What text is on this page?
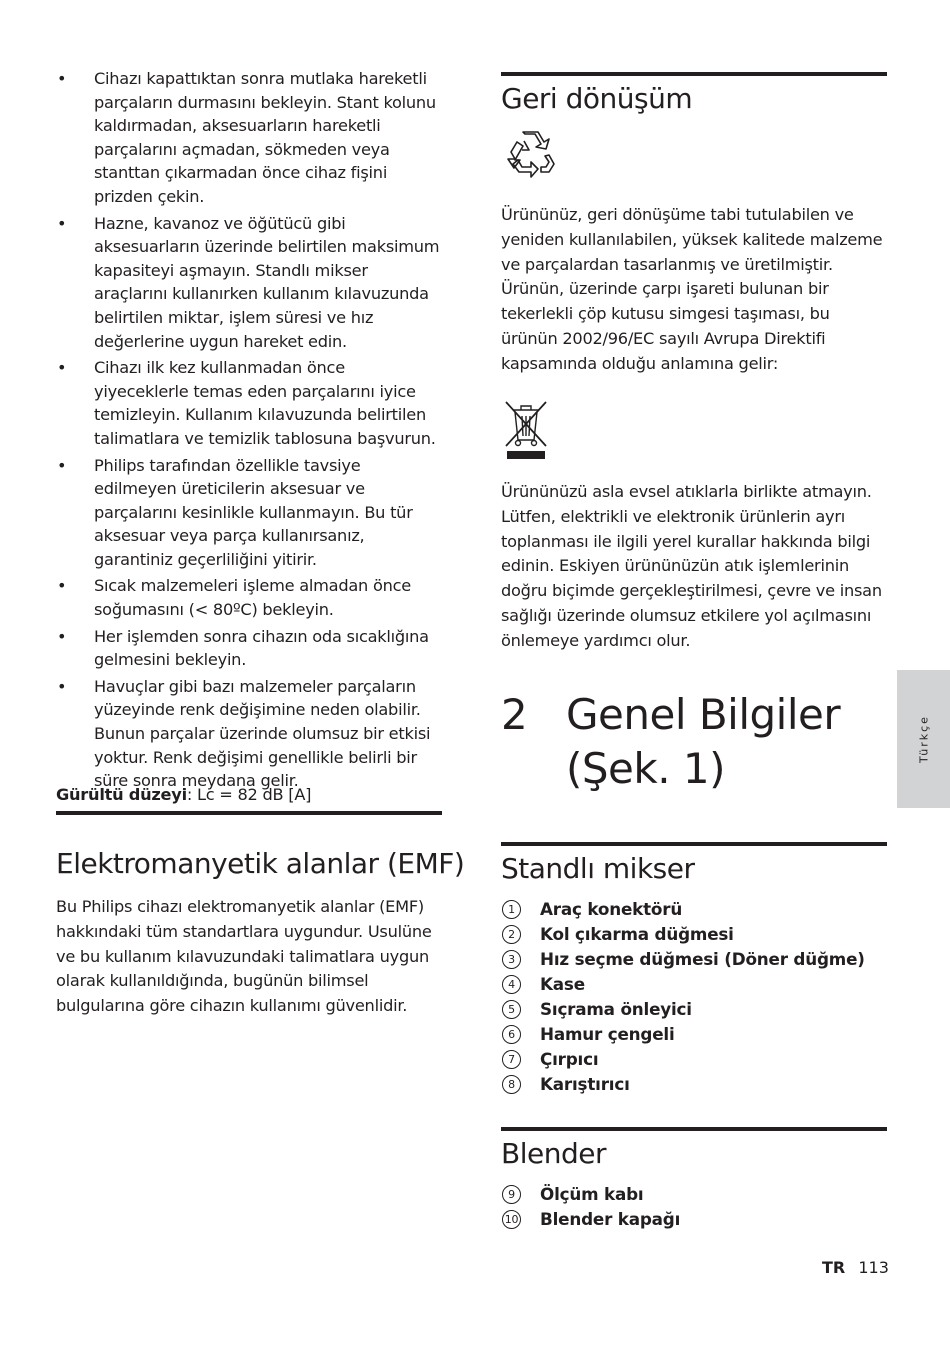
• Cihazı kapattıktan sonra mutlaka hareketli parçaların durmasını bekleyin. Stant kolunu kaldırmadan, aksesuarların hareketli parçalarını açmadan, sökmeden veya stanttan çıkarmadan önce cihaz fişini prizden çekin.
• Hazne, kavanoz ve öğütücü gibi aksesuarların üzerinde belirtilen maksimum kapasiteyi aşmayın. Standlı mikser araçlarını kullanırken kullanım kılavuzunda belirtilen miktar, işlem süresi ve hız değerlerine uygun hareket edin.
• Cihazı ilk kez kullanmadan önce yiyeceklerle temas eden parçalarını iyice temizleyin. Kullanım kılavuzunda belirtilen talimatlara ve temizlik tablosuna başvurun.
• Philips tarafından özellikle tavsiye edilmeyen üreticilerin aksesuar ve parçalarını kesinlikle kullanmayın. Bu tür aksesuar veya parça kullanırsanız, garantiniz geçerliliğini yitirir.
• Sıcak malzemeleri işleme almadan önce soğumasını (< 80ºC) bekleyin.
• Her işlemden sonra cihazın oda sıcaklığına gelmesini bekleyin.
• Havuçlar gibi bazı malzemeler parçaların yüzeyinde renk değişimine neden olabilir. Bunun parçalar üzerinde olumsuz bir etkisi yoktur. Renk değişimi genellikle belirli bir süre sonra meydana gelir.
Gürültü düzeyi: Lc = 82 dB [A]
Elektromanyetik alanlar (EMF)

Bu Philips cihazı elektromanyetik alanlar (EMF) hakkındaki tüm standartlara uygundur. Usulüne ve bu kullanım kılavuzundaki talimatlara uygun olarak kullanıldığında, bugünün bilimsel bulgularına göre cihazın kullanımı güvenlidir.

Geri dönüşüm

Ürününüz, geri dönüşüme tabi tutulabilen ve yeniden kullanılabilen, yüksek kalitede malzeme ve parçalardan tasarlanmış ve üretilmiştir. Ürünün, üzerinde çarpı işareti bulunan bir tekerlekli çöp kutusu simgesi taşıması, bu ürünün 2002/96/EC sayılı Avrupa Direktifi kapsamında olduğu anlamına gelir:

Ürününüzü asla evsel atıklarla birlikte atmayın. Lütfen, elektrikli ve elektronik ürünlerin ayrı toplanması ile ilgili yerel kurallar hakkında bilgi edinin. Eskiyen ürününüzün atık işlemlerinin doğru biçimde gerçekleştirilmesi, çevre ve insan sağlığı üzerinde olumsuz etkilere yol açılmasını önlemeye yardımcı olur.

2 Genel Bilgiler (Şek. 1)
Standlı mikser
1	Araç konektörü
2	Kol çıkarma düğmesi
3	Hız seçme düğmesi (Döner düğme)
4	Kase
5	Sıçrama önleyici
6	Hamur çengeli
7	Çırpıcı
8	Karıştırıcı
Blender
9	Ölçüm kabı
10 Blender kapağı
Türkçe
TR 113
